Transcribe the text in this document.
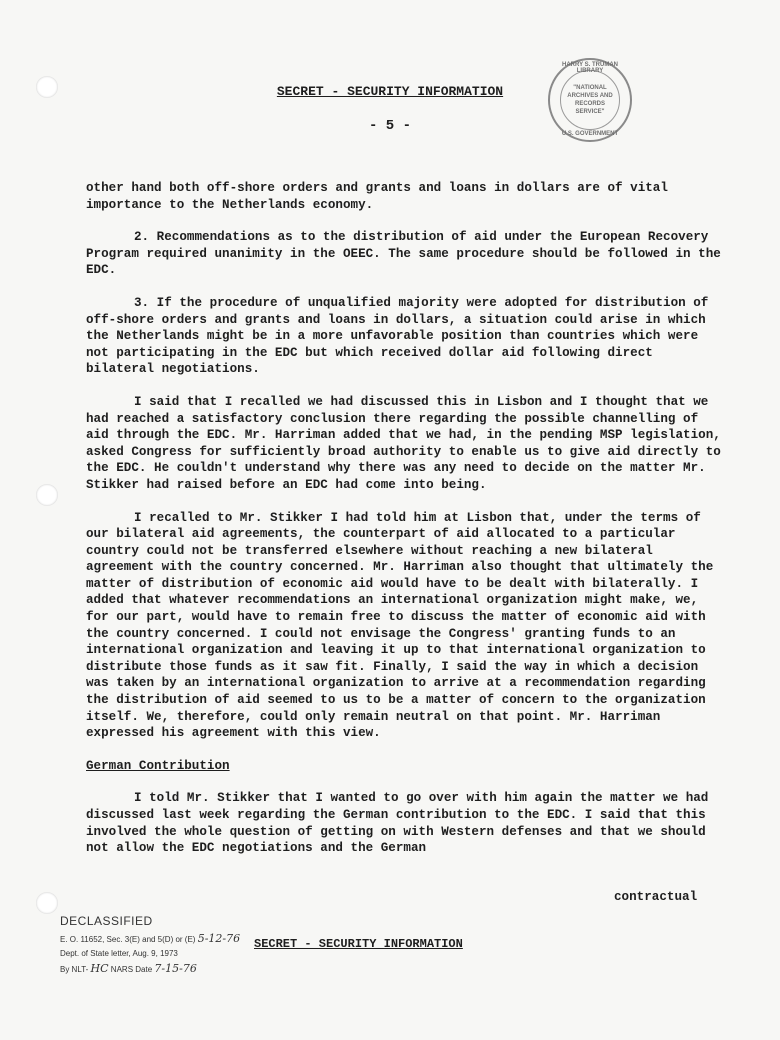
SECRET - SECURITY INFORMATION
- 5 -
HARRY S. TRUMAN LIBRARY
"NATIONAL
ARCHIVES AND
RECORDS
SERVICE"
U.S. GOVERNMENT

other hand both off-shore orders and grants and loans in dollars are of vital importance to the Netherlands economy.

2. Recommendations as to the distribution of aid under the European Recovery Program required unanimity in the OEEC. The same procedure should be followed in the EDC.

3. If the procedure of unqualified majority were adopted for distribution of off-shore orders and grants and loans in dollars, a situation could arise in which the Netherlands might be in a more unfavorable position than countries which were not participating in the EDC but which received dollar aid following direct bilateral negotiations.

I said that I recalled we had discussed this in Lisbon and I thought that we had reached a satisfactory conclusion there regarding the possible channelling of aid through the EDC. Mr. Harriman added that we had, in the pending MSP legislation, asked Congress for sufficiently broad authority to enable us to give aid directly to the EDC. He couldn't understand why there was any need to decide on the matter Mr. Stikker had raised before an EDC had come into being.

I recalled to Mr. Stikker I had told him at Lisbon that, under the terms of our bilateral aid agreements, the counterpart of aid allocated to a particular country could not be transferred elsewhere without reaching a new bilateral agreement with the country concerned. Mr. Harriman also thought that ultimately the matter of distribution of economic aid would have to be dealt with bilaterally. I added that whatever recommendations an international organization might make, we, for our part, would have to remain free to discuss the matter of economic aid with the country concerned. I could not envisage the Congress' granting funds to an international organization and leaving it up to that international organization to distribute those funds as it saw fit. Finally, I said the way in which a decision was taken by an international organization to arrive at a recommendation regarding the distribution of aid seemed to us to be a matter of concern to the organization itself. We, therefore, could only remain neutral on that point. Mr. Harriman expressed his agreement with this view.

German Contribution

I told Mr. Stikker that I wanted to go over with him again the matter we had discussed last week regarding the German contribution to the EDC. I said that this involved the whole question of getting on with Western defenses and that we should not allow the EDC negotiations and the German

contractual
DECLASSIFIED
E. O. 11652, Sec. 3(E) and 5(D) or (E) 5-12-76
Dept. of State letter, Aug. 9, 1973
By NLT- HC NARS Date 7-15-76
SECRET - SECURITY INFORMATION
